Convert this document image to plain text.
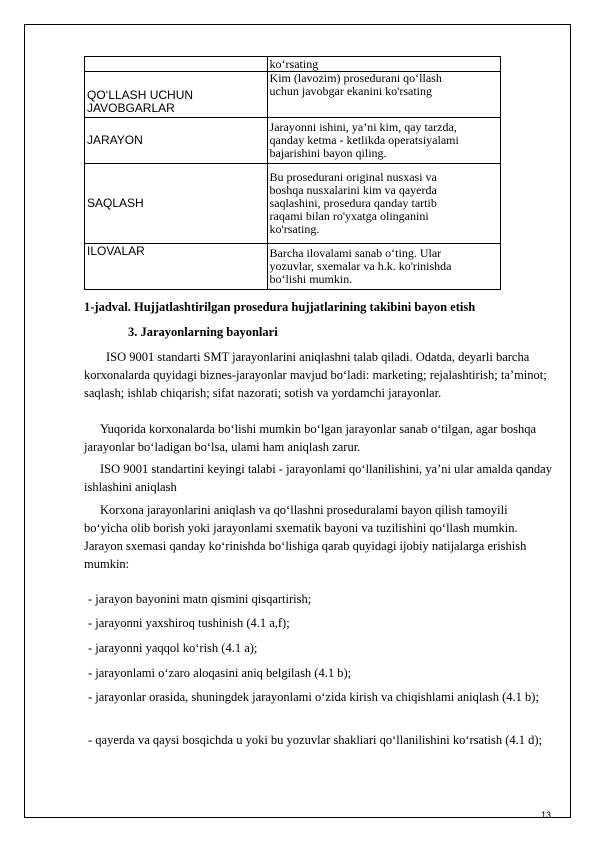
	ko‘rsating

QO‘LLASH UCHUN JAVOBGARLAR	Kim (lavozim) prosedurani qo‘llash
uchun javobgar ekanini ko'rsating

JARAYON	Jarayonni ishini, ya’ni kim, qay tarzda,
qanday ketma - ketlikda operatsiyalami
bajarishini bayon qiling.

SAQLASH	Bu prosedurani original nusxasi va
boshqa nusxalarini kim va qayerda
saqlashini, prosedura qanday tartib
raqami bilan ro'yxatga olinganini
ko'rsating.

ILOVALAR	Barcha ilovalami sanab o‘ting. Ular
yozuvlar, sxemalar va h.k. ko'rinishda
bo‘lishi mumkin.
1-jadval. Hujjatlashtirilgan prosedura hujjatlarining takibini bayon etish
3. Jarayonlarning bayonlari

ISO 9001 standarti SMT jarayonlarini aniqlashni talab qiladi. Odatda, deyarli barcha korxonalarda quyidagi biznes-jarayonlar mavjud bo‘ladi: marketing; rejalashtirish; ta’minot; saqlash; ishlab chiqarish; sifat nazorati; sotish va yordamchi jarayonlar.

Yuqorida korxonalarda bo‘lishi mumkin bo‘lgan jarayonlar sanab o‘tilgan, agar boshqa jarayonlar bo‘ladigan bo‘lsa, ulami ham aniqlash zarur.

ISO 9001 standartini keyingi talabi - jarayonlami qo‘llanilishini, ya’ni ular amalda qanday ishlashini aniqlash

Korxona jarayonlarini aniqlash va qo‘llashni proseduralami bayon qilish tamoyili bo‘yicha olib borish yoki jarayonlami sxematik bayoni va tuzilishini qo‘llash mumkin. Jarayon sxemasi qanday ko‘rinishda bo‘lishiga qarab quyidagi ijobiy natijalarga erishish mumkin:

- jarayon bayonini matn qismini qisqartirish;

- jarayonni yaxshiroq tushinish (4.1 a,f);

- jarayonni yaqqol ko‘rish (4.1 a);

- jarayonlami o‘zaro aloqasini aniq belgilash (4.1 b);

- jarayonlar orasida, shuningdek jarayonlami o‘zida kirish va chiqishlami aniqlash (4.1 b);

- qayerda va qaysi bosqichda u yoki bu yozuvlar shakliari qo‘llanilishini ko‘rsatish (4.1 d);

13
